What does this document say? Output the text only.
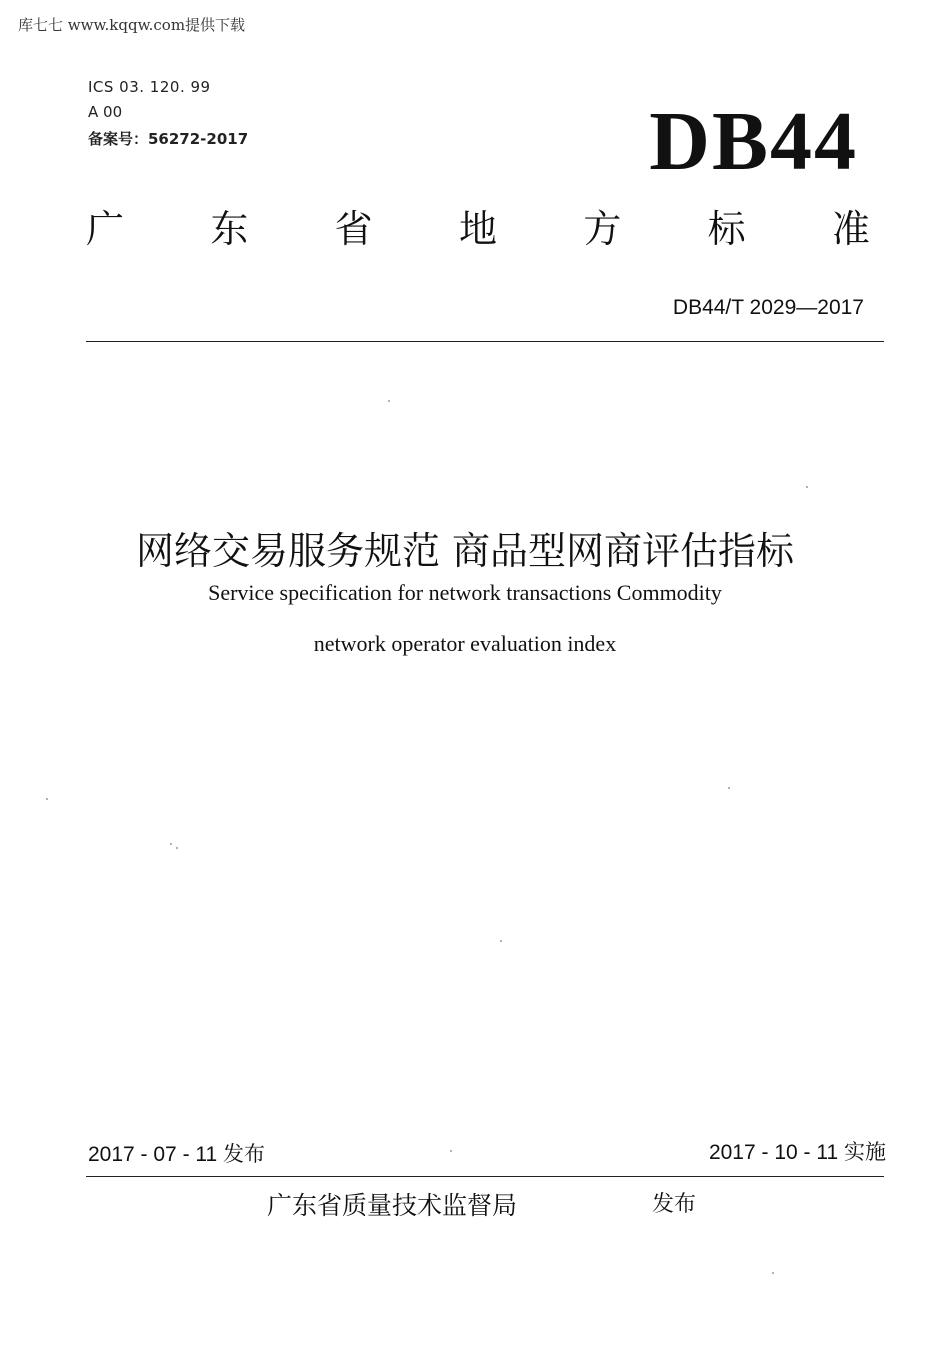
库七七 www.kqqw.com提供下载
ICS 03. 120. 99
A 00
备案号：56272-2017	DB44
广 东 省 地 方 标 准
DB44/T 2029—2017
网络交易服务规范 商品型网商评估指标
Service specification for network transactions Commodity
network operator evaluation index
2017 - 07 - 11 发布	2017 - 10 - 11 实施
广东省质量技术监督局	发布
